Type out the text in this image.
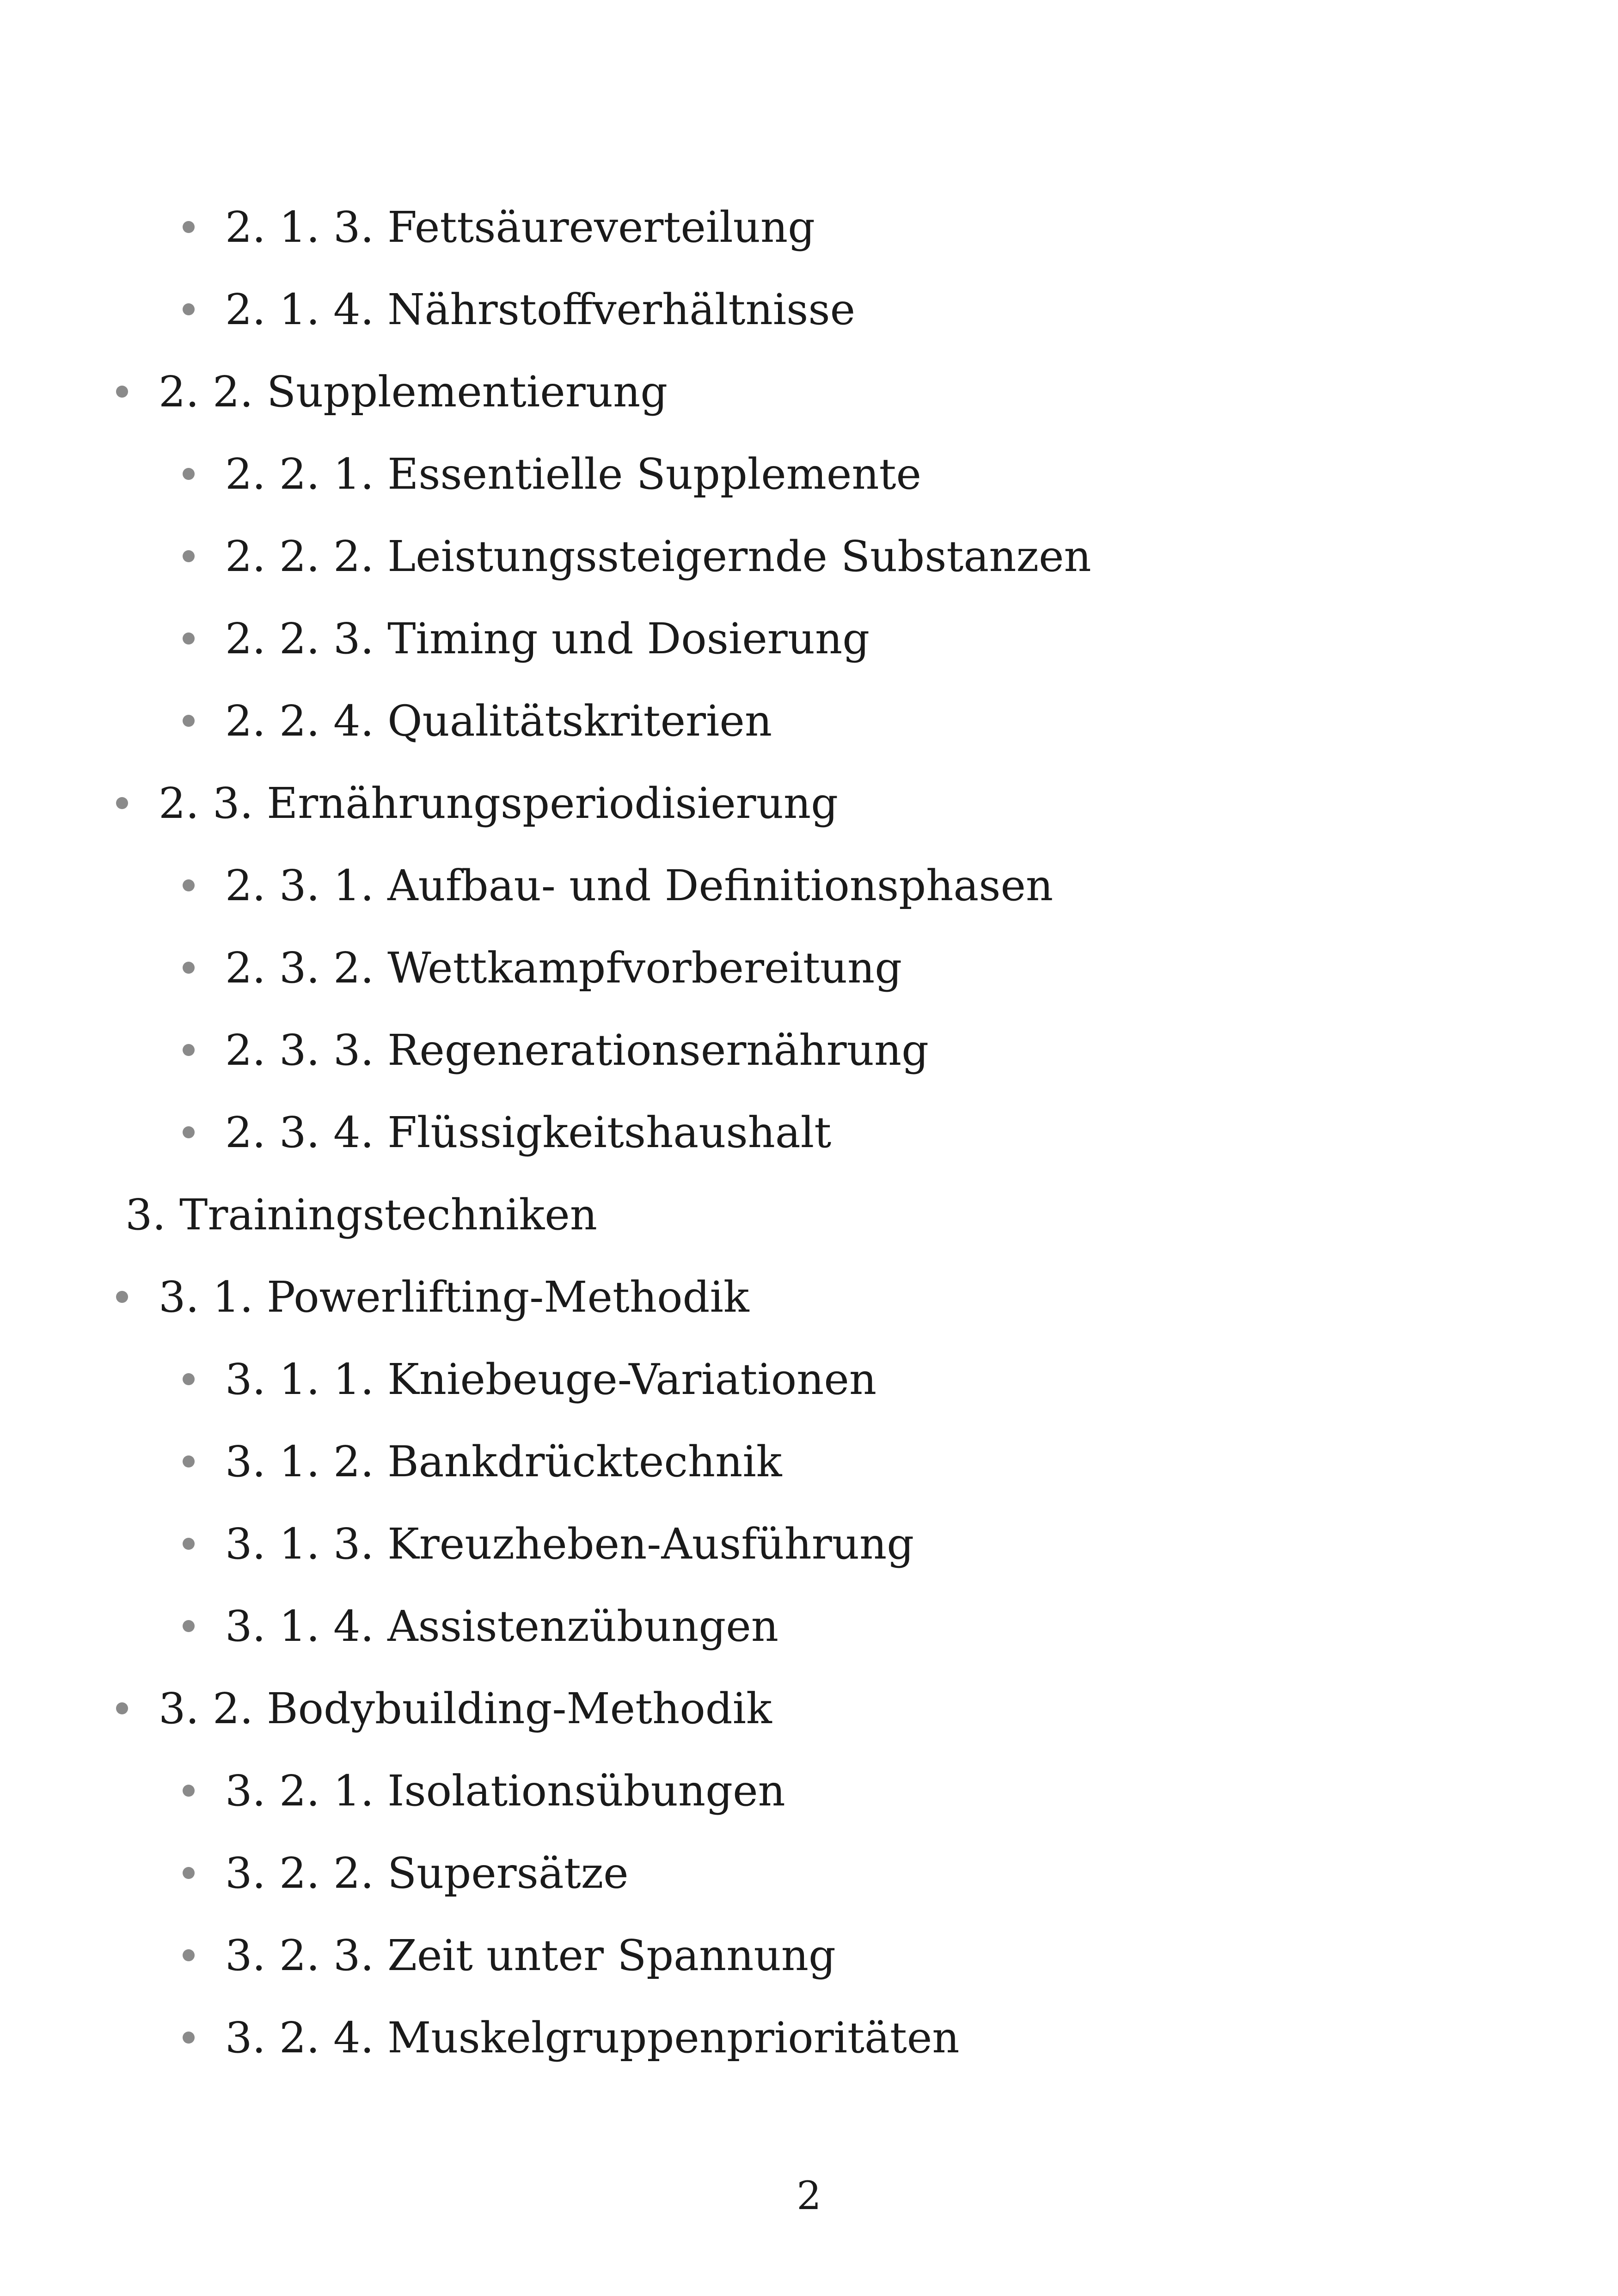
2. 1. 3. Fettsäureverteilung
2. 1. 4. Nährstoffverhältnisse
2. 2. Supplementierung
2. 2. 1. Essentielle Supplemente
2. 2. 2. Leistungssteigernde Substanzen
2. 2. 3. Timing und Dosierung
2. 2. 4. Qualitätskriterien
2. 3. Ernährungsperiodisierung
2. 3. 1. Aufbau- und Definitionsphasen
2. 3. 2. Wettkampfvorbereitung
2. 3. 3. Regenerationsernährung
2. 3. 4. Flüssigkeitshaushalt
3. Trainingstechniken
3. 1. Powerlifting-Methodik
3. 1. 1. Kniebeuge-Variationen
3. 1. 2. Bankdrücktechnik
3. 1. 3. Kreuzheben-Ausführung
3. 1. 4. Assistenzübungen
3. 2. Bodybuilding-Methodik
3. 2. 1. Isolationsübungen
3. 2. 2. Supersätze
3. 2. 3. Zeit unter Spannung
3. 2. 4. Muskelgruppenprioritäten
2
